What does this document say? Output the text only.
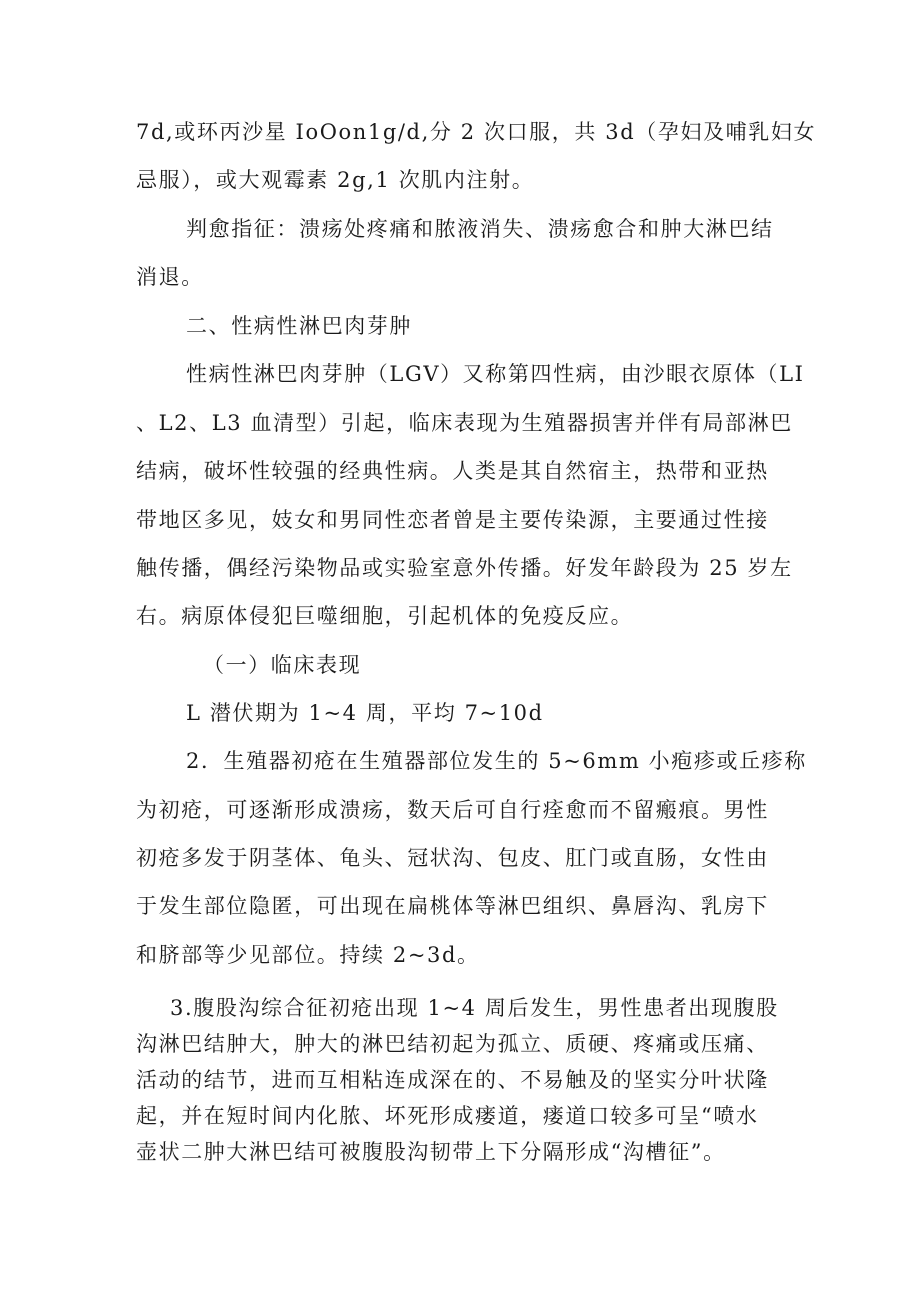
7d,或环丙沙星 IoOon1g/d,分 2 次口服，共 3d（孕妇及哺乳妇女

忌服），或大观霉素 2g,1 次肌内注射。

判愈指征：溃疡处疼痛和脓液消失、溃疡愈合和肿大淋巴结

消退。

二、性病性淋巴肉芽肿

性病性淋巴肉芽肿（LGV）又称第四性病，由沙眼衣原体（LI

、L2、L3 血清型）引起，临床表现为生殖器损害并伴有局部淋巴

结病，破坏性较强的经典性病。人类是其自然宿主，热带和亚热

带地区多见，妓女和男同性恋者曾是主要传染源，主要通过性接

触传播，偶经污染物品或实验室意外传播。好发年龄段为 25 岁左

右。病原体侵犯巨噬细胞，引起机体的免疫反应。

（一）临床表现

L 潜伏期为 1~4 周，平均 7~10d

2．生殖器初疮在生殖器部位发生的 5~6mm 小疱疹或丘疹称

为初疮，可逐渐形成溃疡，数天后可自行痊愈而不留瘢痕。男性

初疮多发于阴茎体、龟头、冠状沟、包皮、肛门或直肠，女性由

于发生部位隐匿，可出现在扁桃体等淋巴组织、鼻唇沟、乳房下

和脐部等少见部位。持续 2~3d。

3.腹股沟综合征初疮出现 1~4 周后发生，男性患者出现腹股

沟淋巴结肿大，肿大的淋巴结初起为孤立、质硬、疼痛或压痛、

活动的结节，进而互相粘连成深在的、不易触及的坚实分叶状隆

起，并在短时间内化脓、坏死形成瘘道，瘘道口较多可呈“喷水

壶状二肿大淋巴结可被腹股沟韧带上下分隔形成“沟槽征”。
